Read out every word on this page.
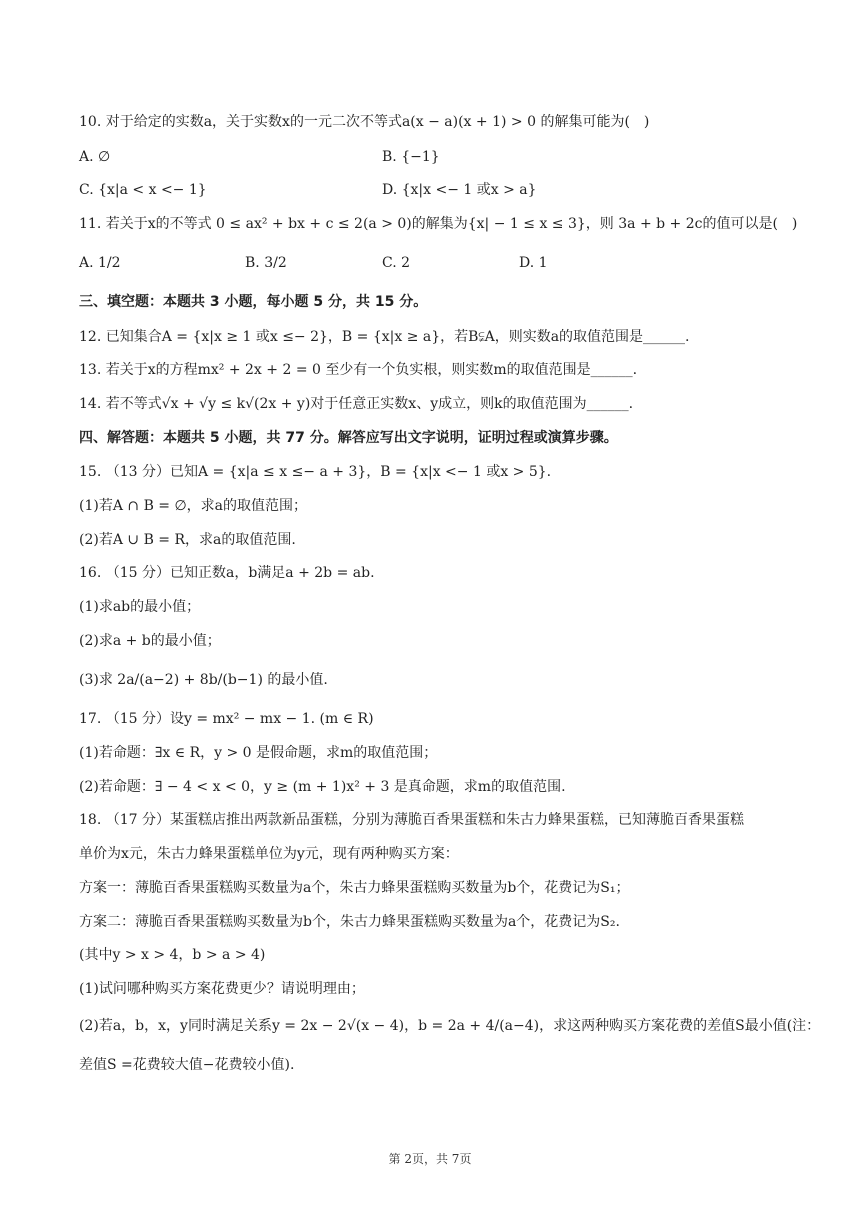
10. 对于给定的实数a，关于实数x的一元二次不等式a(x − a)(x + 1) > 0 的解集可能为(　)
A. ∅	B. {−1}
C. {x|a < x <− 1}	D. {x|x <− 1 或x > a}
11. 若关于x的不等式 0 ≤ ax² + bx + c ≤ 2(a > 0)的解集为{x| − 1 ≤ x ≤ 3}，则 3a + b + 2c的值可以是(　)
A. 1/2	B. 3/2	C. 2	D. 1
三、填空题：本题共 3 小题，每小题 5 分，共 15 分。
12. 已知集合A = {x|x ≥ 1 或x ≤− 2}，B = {x|x ≥ a}，若B⫋A，则实数a的取值范围是______.
13. 若关于x的方程mx² + 2x + 2 = 0 至少有一个负实根，则实数m的取值范围是______.
14. 若不等式√x + √y ≤ k√(2x + y)对于任意正实数x、y成立，则k的取值范围为______.
四、解答题：本题共 5 小题，共 77 分。解答应写出文字说明，证明过程或演算步骤。
15. （13 分）已知A = {x|a ≤ x ≤− a + 3}，B = {x|x <− 1 或x > 5}.
(1)若A ∩ B = ∅，求a的取值范围；
(2)若A ∪ B = R，求a的取值范围.
16. （15 分）已知正数a，b满足a + 2b = ab.
(1)求ab的最小值；
(2)求a + b的最小值；
(3)求 2a/(a−2) + 8b/(b−1) 的最小值.
17. （15 分）设y = mx² − mx − 1. (m ∈ R)
(1)若命题：∃x ∈ R，y > 0 是假命题，求m的取值范围；
(2)若命题：∃ − 4 < x < 0，y ≥ (m + 1)x² + 3 是真命题，求m的取值范围.
18. （17 分）某蛋糕店推出两款新品蛋糕，分别为薄脆百香果蛋糕和朱古力蜂果蛋糕，已知薄脆百香果蛋糕
单价为x元，朱古力蜂果蛋糕单位为y元，现有两种购买方案：
方案一：薄脆百香果蛋糕购买数量为a个，朱古力蜂果蛋糕购买数量为b个，花费记为S₁；
方案二：薄脆百香果蛋糕购买数量为b个，朱古力蜂果蛋糕购买数量为a个，花费记为S₂.
(其中y > x > 4，b > a > 4)
(1)试问哪种购买方案花费更少？请说明理由；
(2)若a，b，x，y同时满足关系y = 2x − 2√(x − 4)，b = 2a + 4/(a−4)，求这两种购买方案花费的差值S最小值(注：
差值S =花费较大值−花费较小值).
第 2页，共 7页
